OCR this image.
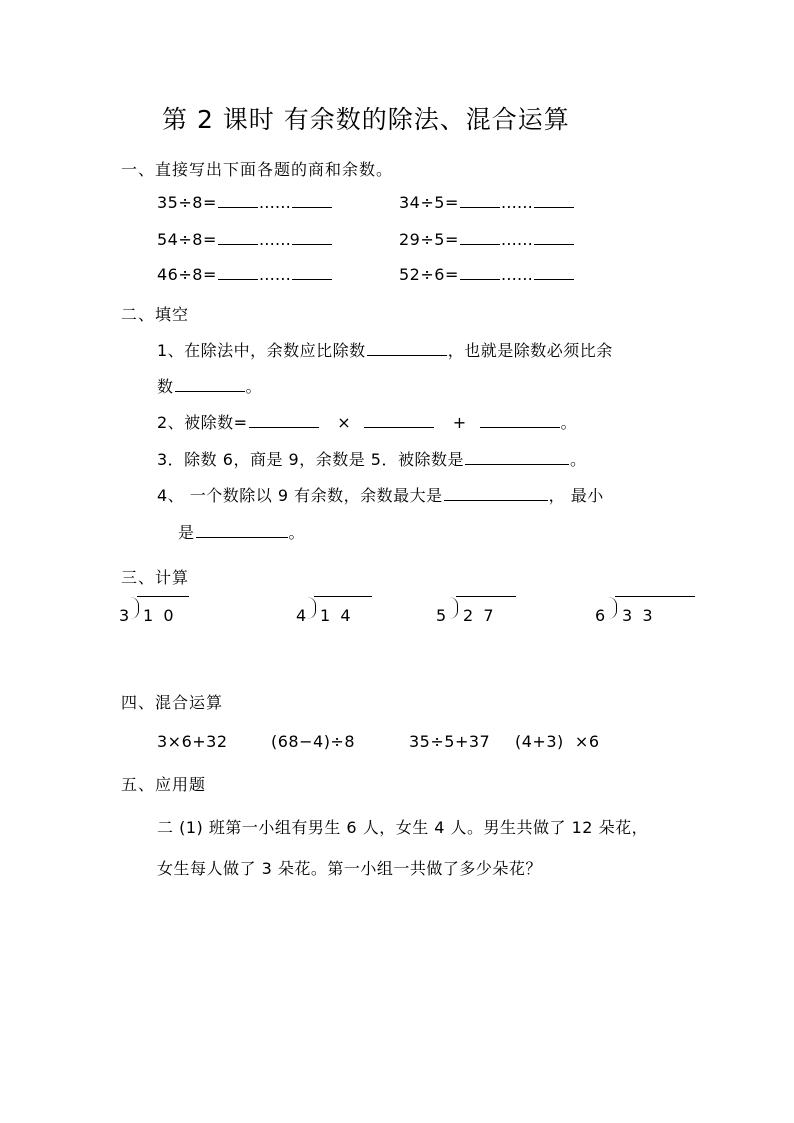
第 2 课时 有余数的除法、混合运算
一、直接写出下面各题的商和余数。
35÷8=	……	34÷5=	……
54÷8=	……	29÷5=	……
46÷8=	……	52÷6=	……
二、填空
1、在除法中，余数应比除数	，也就是除数必须比余
数	。
2、被除数=	×	+	。
3．除数 6，商是 9，余数是 5．被除数是	。
4、 一个数除以 9 有余数，余数最大是	， 最小
是	。
三、计算
3 1  0	4 1  4	5 2  7	6 3  3
四、混合运算
3×6+32	(68−4)÷8	35÷5+37 (4+3)  ×6
五、应用题
二 (1) 班第一小组有男生 6 人，女生 4 人。男生共做了 12 朵花，
女生每人做了 3 朵花。第一小组一共做了多少朵花？
